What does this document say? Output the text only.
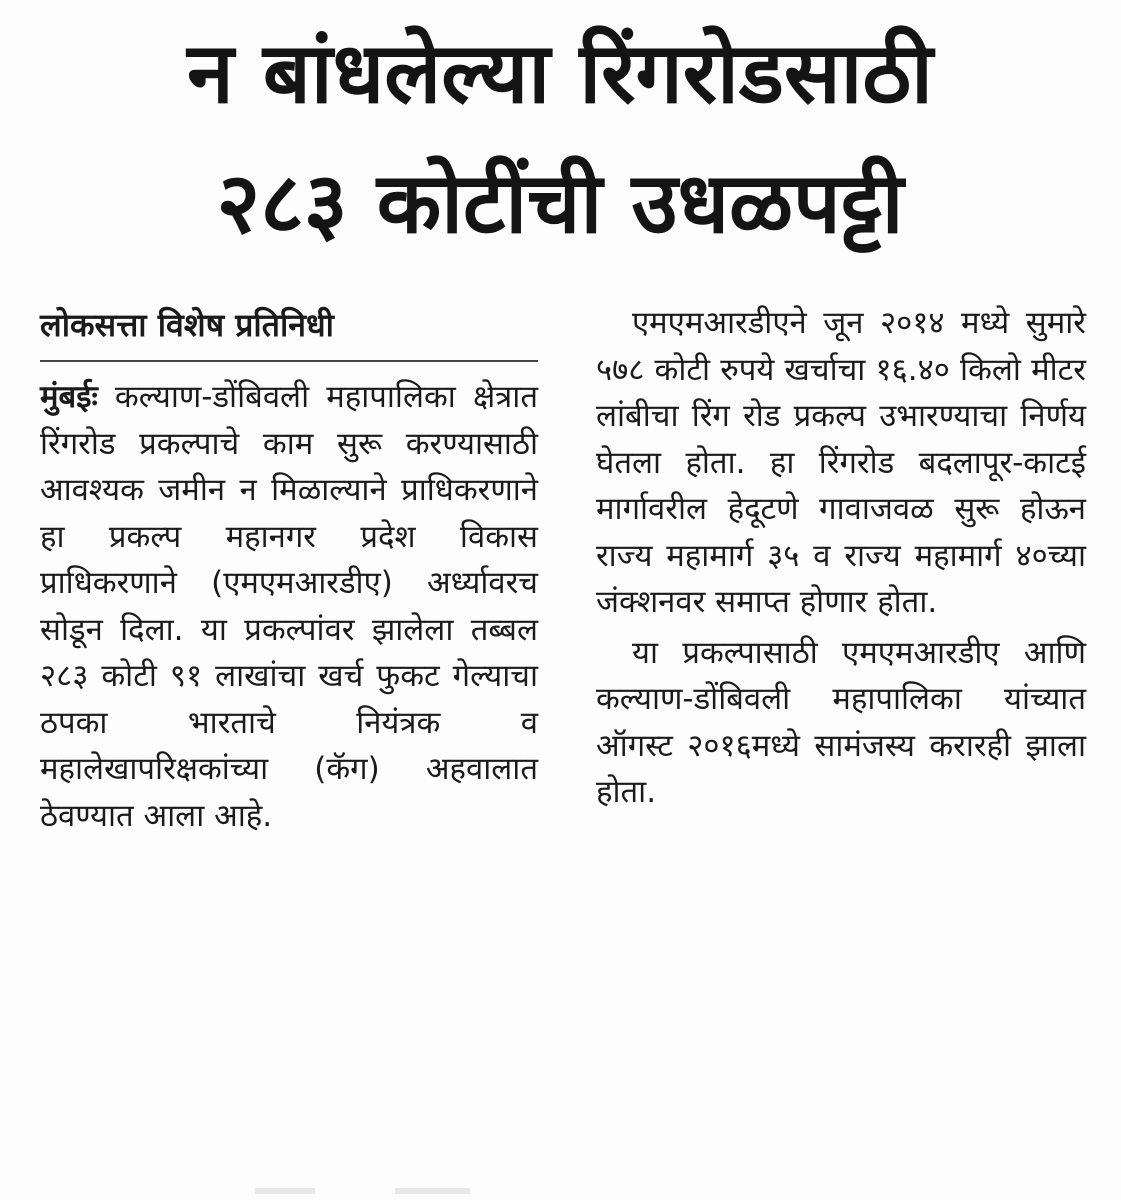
न बांधलेल्या रिंगरोडसाठी
२८३ कोटींची उधळपट्टी
लोकसत्ता विशेष प्रतिनिधी

मुंबईः कल्याण-डोंबिवली महापालिका क्षेत्रात रिंगरोड प्रकल्पाचे काम सुरू करण्यासाठी आवश्यक जमीन न मिळाल्याने प्राधिकरणाने हा प्रकल्प महानगर प्रदेश विकास प्राधिकरणाने (एमएमआरडीए) अर्ध्यावरच सोडून दिला. या प्रकल्पांवर झालेला तब्बल २८३ कोटी ९१ लाखांचा खर्च फुकट गेल्याचा ठपका भारताचे नियंत्रक व महालेखापरिक्षकांच्या (कॅग) अहवालात ठेवण्यात आला आहे.

एमएमआरडीएने जून २०१४ मध्ये सुमारे ५७८ कोटी रुपये खर्चाचा १६.४० किलो मीटर लांबीचा रिंग रोड प्रकल्प उभारण्याचा निर्णय घेतला होता. हा रिंगरोड बदलापूर-काटई मार्गावरील हेदूटणे गावाजवळ सुरू होऊन राज्य महामार्ग ३५ व राज्य महामार्ग ४०च्या जंक्शनवर समाप्त होणार होता.

या प्रकल्पासाठी एमएमआरडीए आणि कल्याण-डोंबिवली महापालिका यांच्यात ऑगस्ट २०१६मध्ये सामंजस्य करारही झाला होता.
